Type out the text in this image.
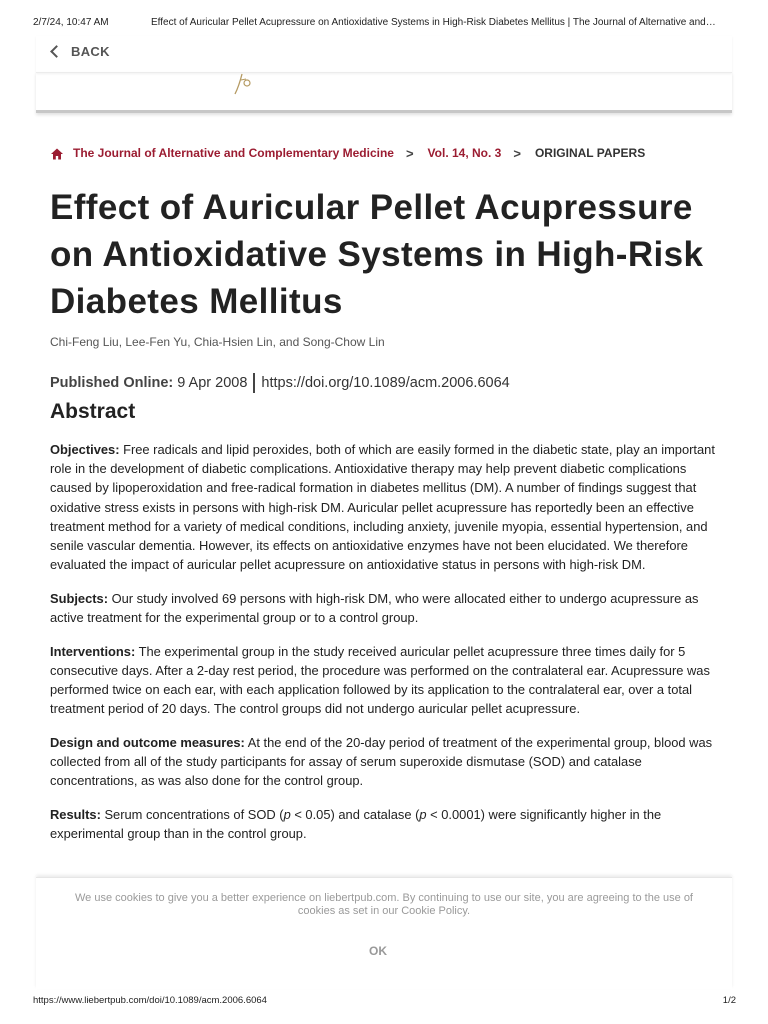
2/7/24, 10:47 AM	Effect of Auricular Pellet Acupressure on Antioxidative Systems in High-Risk Diabetes Mellitus | The Journal of Alternative and…
BACK
The Journal of Alternative and Complementary Medicine > Vol. 14, No. 3 > ORIGINAL PAPERS
Effect of Auricular Pellet Acupressure on Antioxidative Systems in High-Risk Diabetes Mellitus
Chi-Feng Liu, Lee-Fen Yu, Chia-Hsien Lin, and Song-Chow Lin
Published Online: 9 Apr 2008 https://doi.org/10.1089/acm.2006.6064
Abstract

Objectives: Free radicals and lipid peroxides, both of which are easily formed in the diabetic state, play an important role in the development of diabetic complications. Antioxidative therapy may help prevent diabetic complications caused by lipoperoxidation and free-radical formation in diabetes mellitus (DM). A number of findings suggest that oxidative stress exists in persons with high-risk DM. Auricular pellet acupressure has reportedly been an effective treatment method for a variety of medical conditions, including anxiety, juvenile myopia, essential hypertension, and senile vascular dementia. However, its effects on antioxidative enzymes have not been elucidated. We therefore evaluated the impact of auricular pellet acupressure on antioxidative status in persons with high-risk DM.

Subjects: Our study involved 69 persons with high-risk DM, who were allocated either to undergo acupressure as active treatment for the experimental group or to a control group.

Interventions: The experimental group in the study received auricular pellet acupressure three times daily for 5 consecutive days. After a 2-day rest period, the procedure was performed on the contralateral ear. Acupressure was performed twice on each ear, with each application followed by its application to the contralateral ear, over a total treatment period of 20 days. The control groups did not undergo auricular pellet acupressure.

Design and outcome measures: At the end of the 20-day period of treatment of the experimental group, blood was collected from all of the study participants for assay of serum superoxide dismutase (SOD) and catalase concentrations, as was also done for the control group.

Results: Serum concentrations of SOD (p < 0.05) and catalase (p < 0.0001) were significantly higher in the experimental group than in the control group.

We use cookies to give you a better experience on liebertpub.com. By continuing to use our site, you are agreeing to the use of cookies as set in our Cookie Policy.
OK
https://www.liebertpub.com/doi/10.1089/acm.2006.6064	1/2
